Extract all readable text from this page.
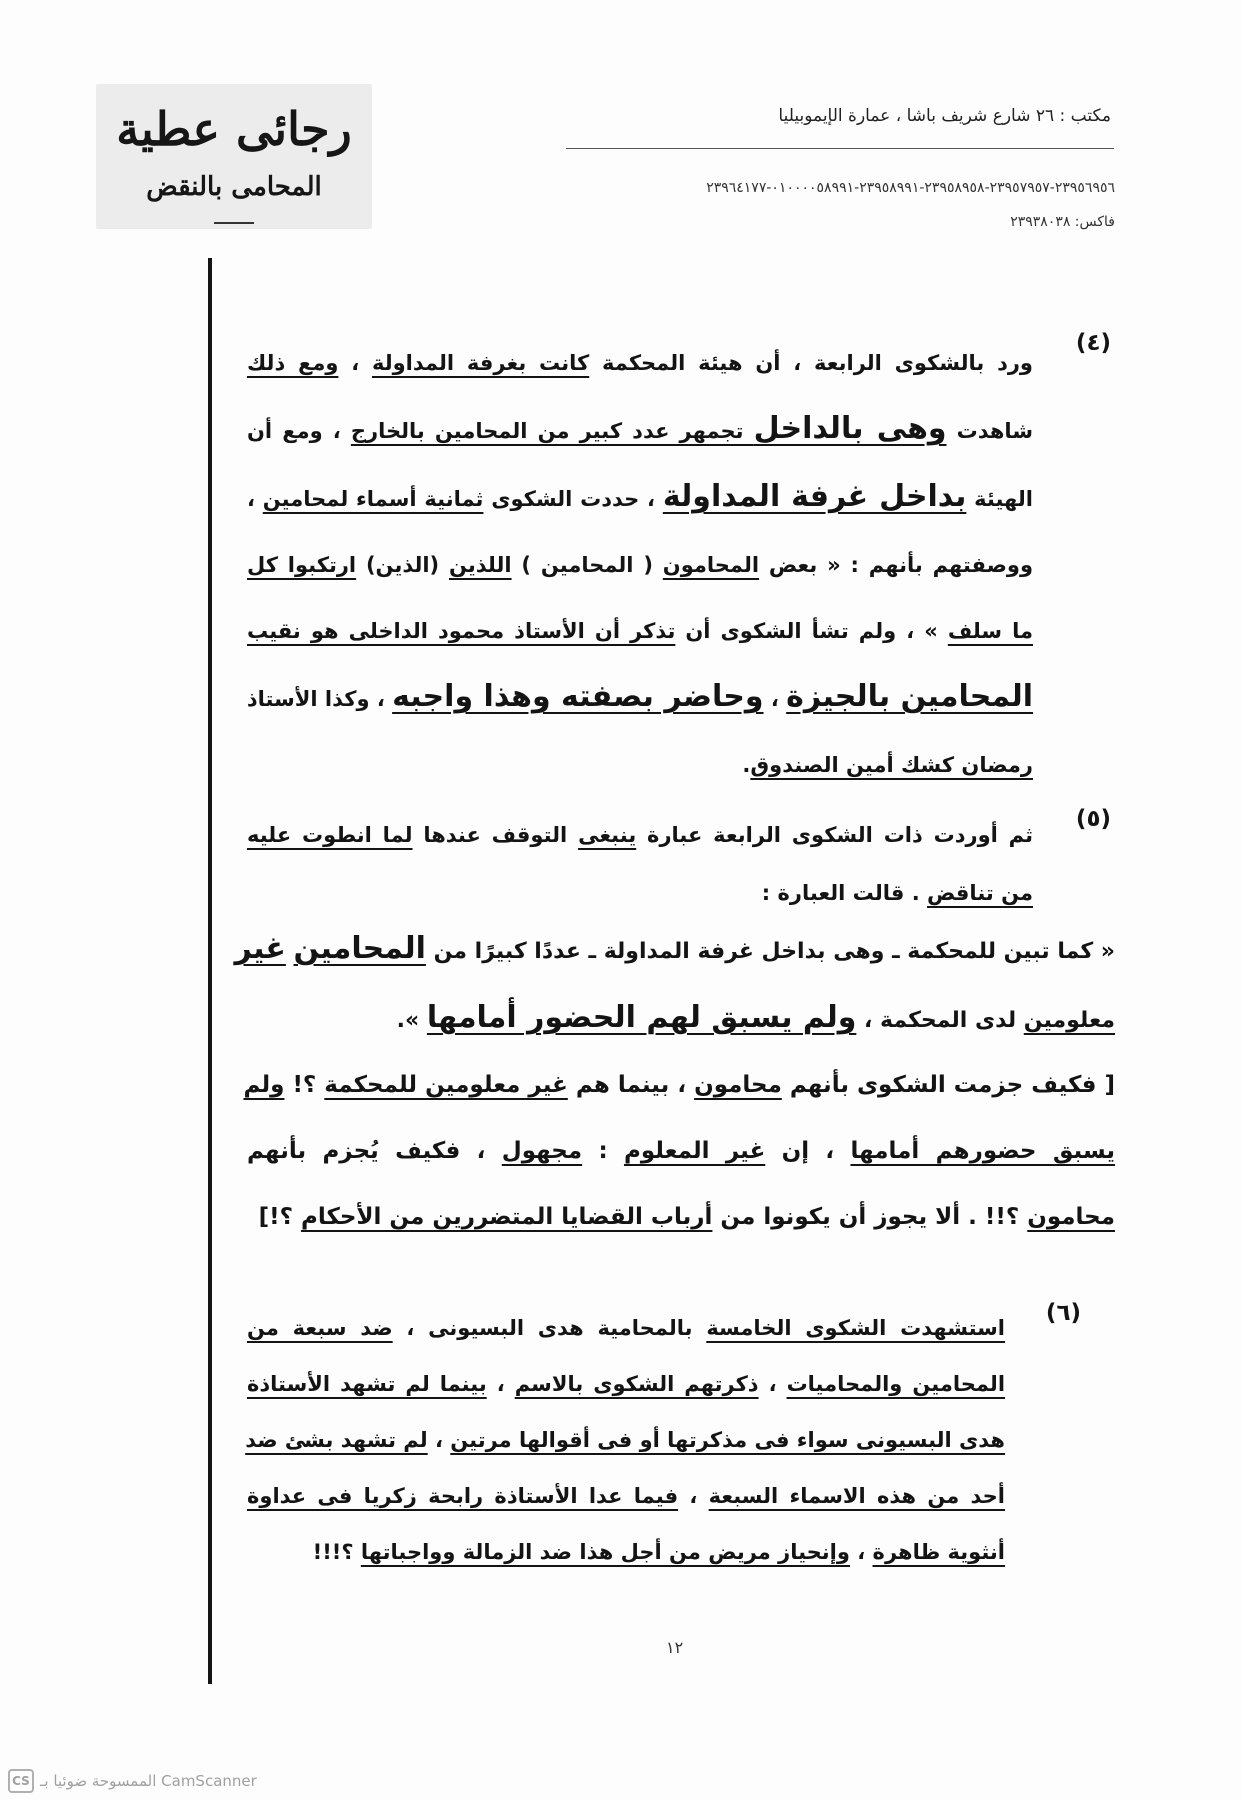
رجائى عطية
المحامى بالنقض
مكتب : ٢٦ شارع شريف باشا ، عمارة الإيموبيليا
٢٣٩٥٦٩٥٦-٢٣٩٥٧٩٥٧-٢٣٩٥٨٩٥٨-٢٣٩٥٨٩٩١-٠١٠٠٠٠٥٨٩٩١-٢٣٩٦٤١٧٧
فاكس: ٢٣٩٣٨٠٣٨
(٤)
ورد بالشكوى الرابعة ، أن هيئة المحكمة كانت بغرفة المداولة ، ومع ذلك
شاهدت وهى بالداخل تجمهر عدد كبير من المحامين بالخارج ، ومع أن
الهيئة بداخل غرفة المداولة ، حددت الشكوى ثمانية أسماء لمحامين ،
ووصفتهم بأنهم : « بعض المحامون ( المحامين ) اللذين (الذين) ارتكبوا كل
ما سلف » ، ولم تشأ الشكوى أن تذكر أن الأستاذ محمود الداخلى هو نقيب
المحامين بالجيزة ، وحاضر بصفته وهذا واجبه ، وكذا الأستاذ
رمضان كشك أمين الصندوق.
(٥)
ثم أوردت ذات الشكوى الرابعة عبارة ينبغى التوقف عندها لما انطوت عليه
من تناقض . قالت العبارة :
« كما تبين للمحكمة ـ وهى بداخل غرفة المداولة ـ عددًا كبيرًا من المحامين غير
معلومين لدى المحكمة ، ولم يسبق لهم الحضور أمامها ».
[ فكيف جزمت الشكوى بأنهم محامون ، بينما هم غير معلومين للمحكمة ؟! ولم
يسبق حضورهم أمامها ، إن غير المعلوم : مجهول ، فكيف يُجزم بأنهم
محامون ؟!! . ألا يجوز أن يكونوا من أرباب القضايا المتضررين من الأحكام ؟!]
(٦)
استشهدت الشكوى الخامسة بالمحامية هدى البسيونى ، ضد سبعة من
المحامين والمحاميات ، ذكرتهم الشكوى بالاسم ، بينما لم تشهد الأستاذة
هدى البسيونى سواء فى مذكرتها أو فى أقوالها مرتين ، لم تشهد بشئ ضد
أحد من هذه الاسماء السبعة ، فيما عدا الأستاذة رابحة زكريا فى عداوة
أنثوية ظاهرة ، وإنحياز مريض من أجل هذا ضد الزمالة وواجباتها ؟!!!
١٢
CS الممسوحة ضوئيا بـ CamScanner
